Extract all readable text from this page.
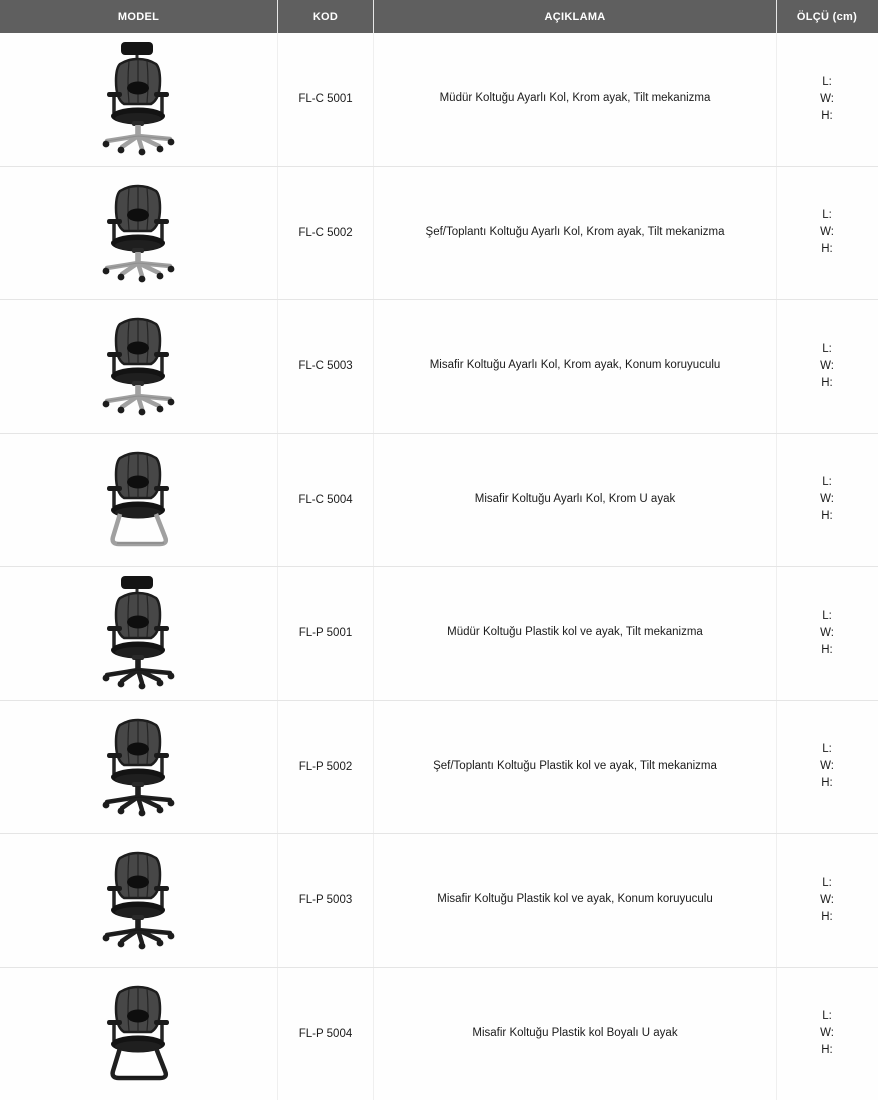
MODEL	KOD	AÇIKLAMA	ÖLÇÜ (cm)
FL-C 5001	Müdür Koltuğu Ayarlı Kol, Krom ayak, Tilt mekanizma
L:
W:
H:
FL-C 5002	Şef/Toplantı Koltuğu Ayarlı Kol, Krom ayak, Tilt mekanizma
L:
W:
H:
FL-C 5003	Misafir Koltuğu Ayarlı Kol, Krom ayak, Konum koruyuculu
L:
W:
H:
FL-C 5004	Misafir Koltuğu Ayarlı Kol, Krom U ayak
L:
W:
H:
FL-P 5001	Müdür Koltuğu Plastik kol ve ayak, Tilt mekanizma
L:
W:
H:
FL-P 5002	Şef/Toplantı Koltuğu Plastik kol ve ayak, Tilt mekanizma
L:
W:
H:
FL-P 5003	Misafir Koltuğu Plastik kol ve ayak, Konum koruyuculu
L:
W:
H:
FL-P 5004	Misafir Koltuğu Plastik kol Boyalı U ayak
L:
W:
H:
